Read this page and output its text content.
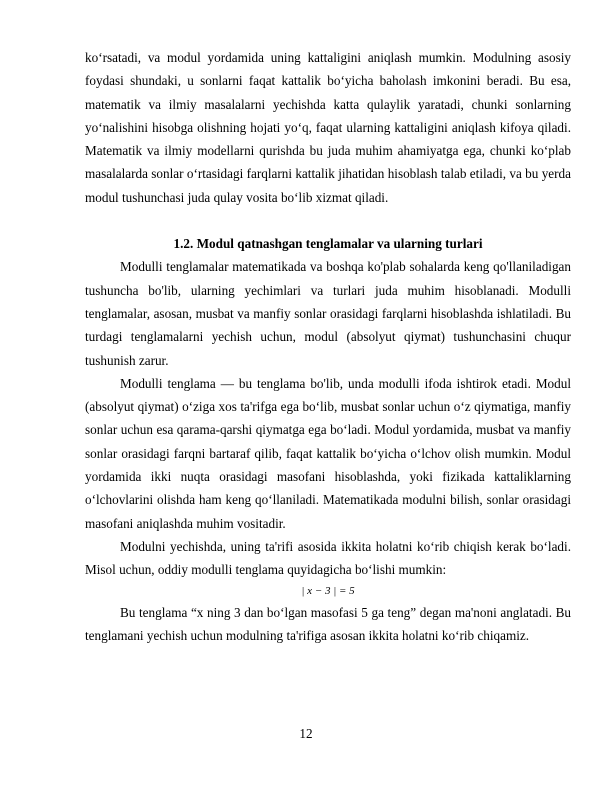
ko‘rsatadi, va modul yordamida uning kattaligini aniqlash mumkin. Modulning asosiy foydasi shundaki, u sonlarni faqat kattalik bo‘yicha baholash imkonini beradi. Bu esa, matematik va ilmiy masalalarni yechishda katta qulaylik yaratadi, chunki sonlarning yo‘nalishini hisobga olishning hojati yo‘q, faqat ularning kattaligini aniqlash kifoya qiladi. Matematik va ilmiy modellarni qurishda bu juda muhim ahamiyatga ega, chunki ko‘plab masalalarda sonlar o‘rtasidagi farqlarni kattalik jihatidan hisoblash talab etiladi, va bu yerda modul tushunchasi juda qulay vosita bo‘lib xizmat qiladi.

1.2. Modul qatnashgan tenglamalar va ularning turlari

Modulli tenglamalar matematikada va boshqa ko'plab sohalarda keng qo'llaniladigan tushuncha bo'lib, ularning yechimlari va turlari juda muhim hisoblanadi. Modulli tenglamalar, asosan, musbat va manfiy sonlar orasidagi farqlarni hisoblashda ishlatiladi. Bu turdagi tenglamalarni yechish uchun, modul (absolyut qiymat) tushunchasini chuqur tushunish zarur.

Modulli tenglama — bu tenglama bo'lib, unda modulli ifoda ishtirok etadi. Modul (absolyut qiymat) o‘ziga xos ta'rifga ega bo‘lib, musbat sonlar uchun o‘z qiymatiga, manfiy sonlar uchun esa qarama-qarshi qiymatga ega bo‘ladi. Modul yordamida, musbat va manfiy sonlar orasidagi farqni bartaraf qilib, faqat kattalik bo‘yicha o‘lchov olish mumkin. Modul yordamida ikki nuqta orasidagi masofani hisoblashda, yoki fizikada kattaliklarning o‘lchovlarini olishda ham keng qo‘llaniladi. Matematikada modulni bilish, sonlar orasidagi masofani aniqlashda muhim vositadir.

Modulni yechishda, uning ta'rifi asosida ikkita holatni ko‘rib chiqish kerak bo‘ladi. Misol uchun, oddiy modulli tenglama quyidagicha bo‘lishi mumkin:

| x − 3 | = 5

Bu tenglama “x ning 3 dan bo‘lgan masofasi 5 ga teng” degan ma'noni anglatadi. Bu tenglamani yechish uchun modulning ta'rifiga asosan ikkita holatni ko‘rib chiqamiz.

12
